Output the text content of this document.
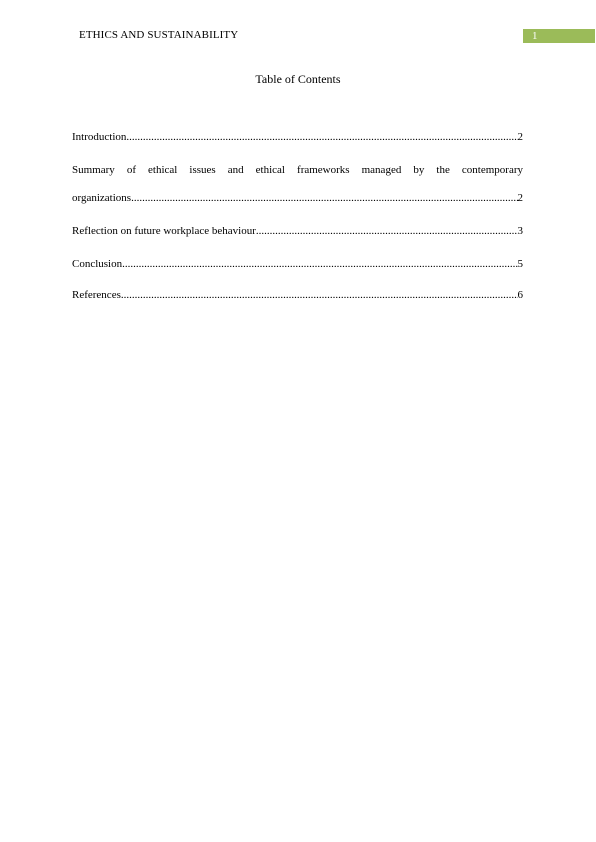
ETHICS AND SUSTAINABILITY	1
Table of Contents
Introduction .....	2
Summary of ethical issues and ethical frameworks managed by the contemporary
organizations .....	2
Reflection on future workplace behaviour .....	3
Conclusion .....	5
References .....	6
